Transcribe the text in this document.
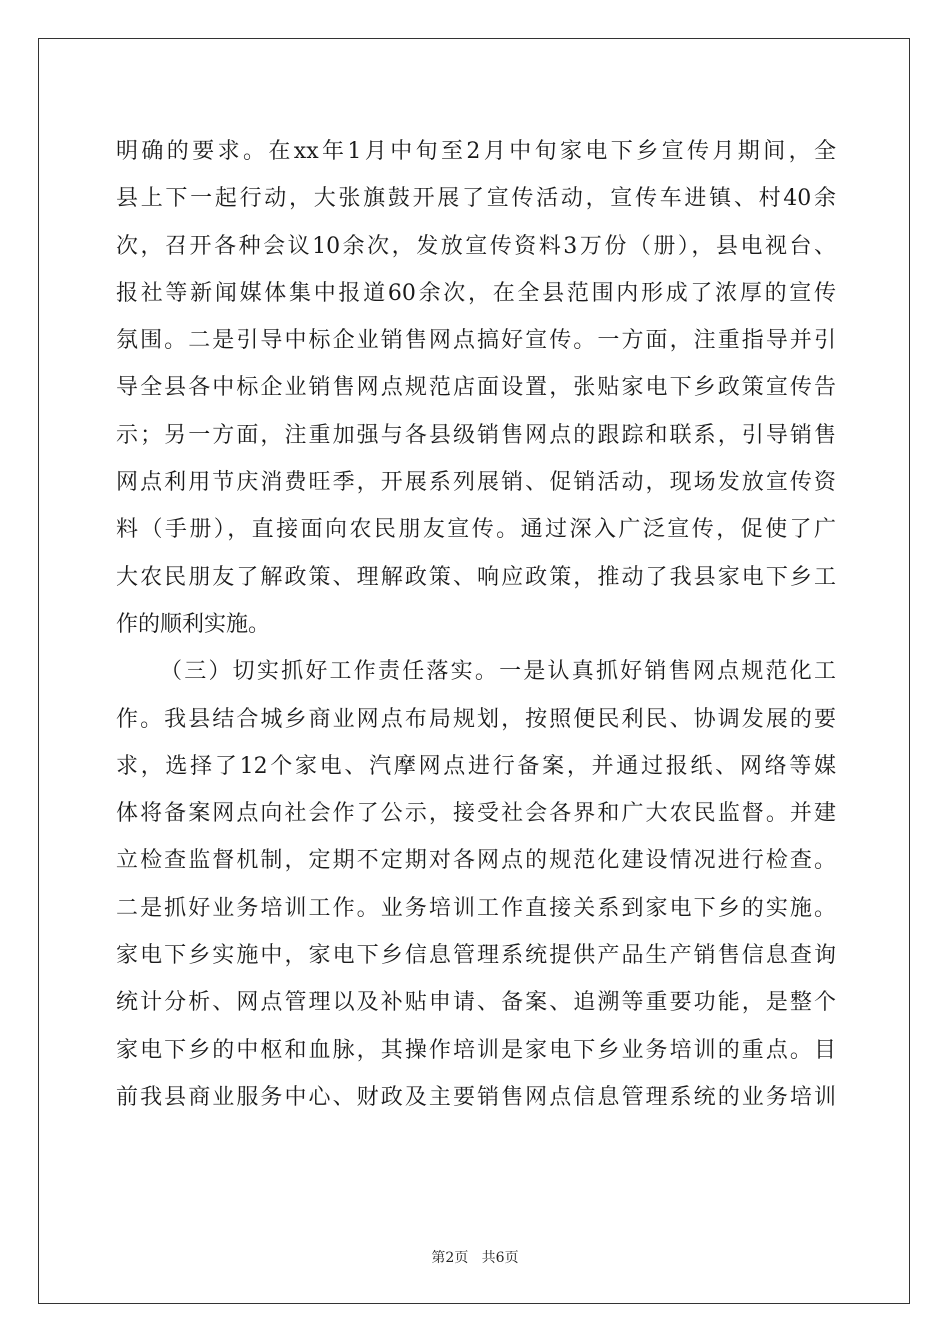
明确的要求。在xx年1月中旬至2月中旬家电下乡宣传月期间，全
县上下一起行动，大张旗鼓开展了宣传活动，宣传车进镇、村40余
次，召开各种会议10余次，发放宣传资料3万份（册），县电视台、
报社等新闻媒体集中报道60余次，在全县范围内形成了浓厚的宣传
氛围。二是引导中标企业销售网点搞好宣传。一方面，注重指导并引
导全县各中标企业销售网点规范店面设置，张贴家电下乡政策宣传告
示；另一方面，注重加强与各县级销售网点的跟踪和联系，引导销售
网点利用节庆消费旺季，开展系列展销、促销活动，现场发放宣传资
料（手册），直接面向农民朋友宣传。通过深入广泛宣传，促使了广
大农民朋友了解政策、理解政策、响应政策，推动了我县家电下乡工
作的顺利实施。
（三）切实抓好工作责任落实。一是认真抓好销售网点规范化工
作。我县结合城乡商业网点布局规划，按照便民利民、协调发展的要
求，选择了12个家电、汽摩网点进行备案，并通过报纸、网络等媒
体将备案网点向社会作了公示，接受社会各界和广大农民监督。并建
立检查监督机制，定期不定期对各网点的规范化建设情况进行检查。
二是抓好业务培训工作。业务培训工作直接关系到家电下乡的实施。
家电下乡实施中，家电下乡信息管理系统提供产品生产销售信息查询
统计分析、网点管理以及补贴申请、备案、追溯等重要功能，是整个
家电下乡的中枢和血脉，其操作培训是家电下乡业务培训的重点。目
前我县商业服务中心、财政及主要销售网点信息管理系统的业务培训
第2页   共6页
